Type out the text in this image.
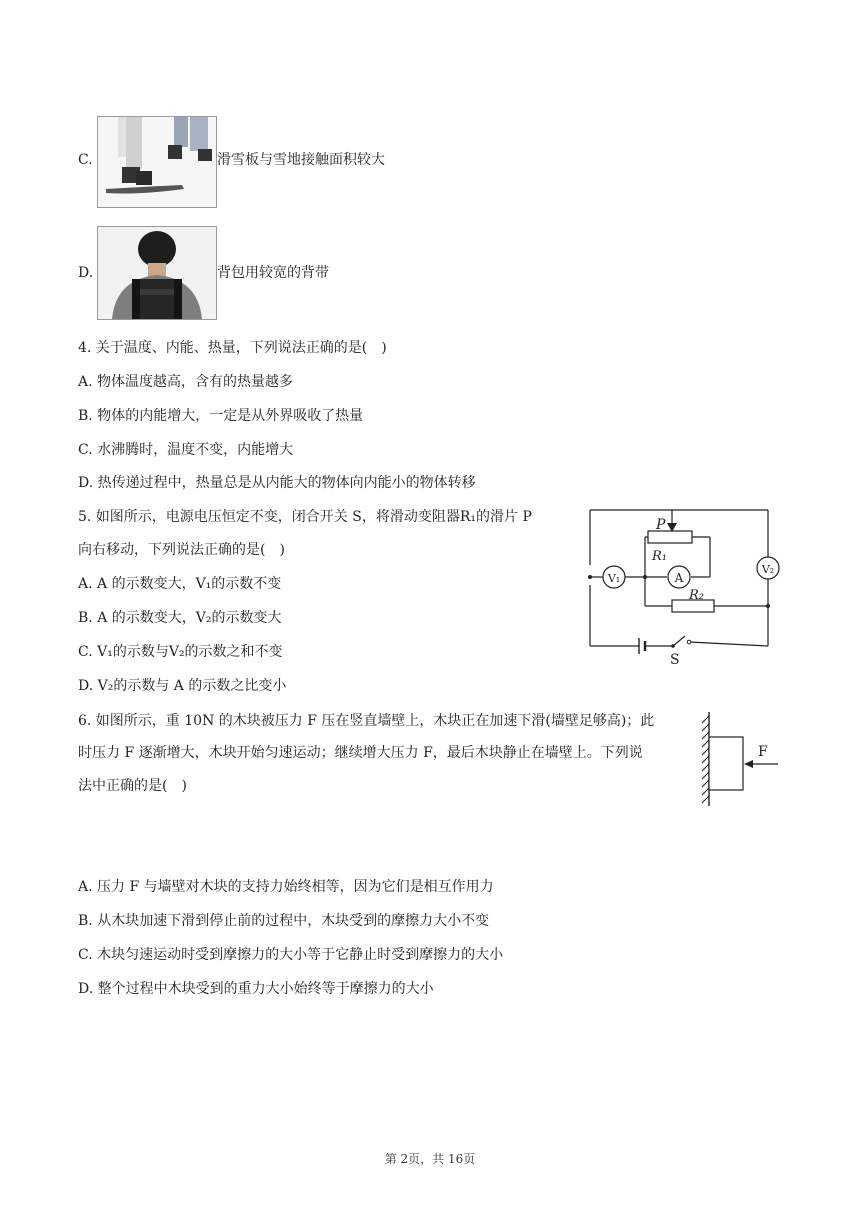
C.	滑雪板与雪地接触面积较大
D.	背包用较宽的背带
4. 关于温度、内能、热量，下列说法正确的是( )
A. 物体温度越高，含有的热量越多
B. 物体的内能增大，一定是从外界吸收了热量
C. 水沸腾时，温度不变，内能增大
D. 热传递过程中，热量总是从内能大的物体向内能小的物体转移
5. 如图所示，电源电压恒定不变，闭合开关 S，将滑动变阻器R₁的滑片 P
向右移动，下列说法正确的是( )
A. A 的示数变大，V₁的示数不变
B. A 的示数变大，V₂的示数变大
C. V₁的示数与V₂的示数之和不变
D. V₂的示数与 A 的示数之比变小
P
R₁
R₂
A
V₁
V₂
S
6. 如图所示，重 10N 的木块被压力 F 压在竖直墙壁上，木块正在加速下滑(墙壁足够高)；此
时压力 F 逐渐增大，木块开始匀速运动；继续增大压力 F，最后木块静止在墙壁上。下列说
法中正确的是( )
F
A. 压力 F 与墙壁对木块的支持力始终相等，因为它们是相互作用力
B. 从木块加速下滑到停止前的过程中，木块受到的摩擦力大小不变
C. 木块匀速运动时受到摩擦力的大小等于它静止时受到摩擦力的大小
D. 整个过程中木块受到的重力大小始终等于摩擦力的大小
第 2页，共 16页
